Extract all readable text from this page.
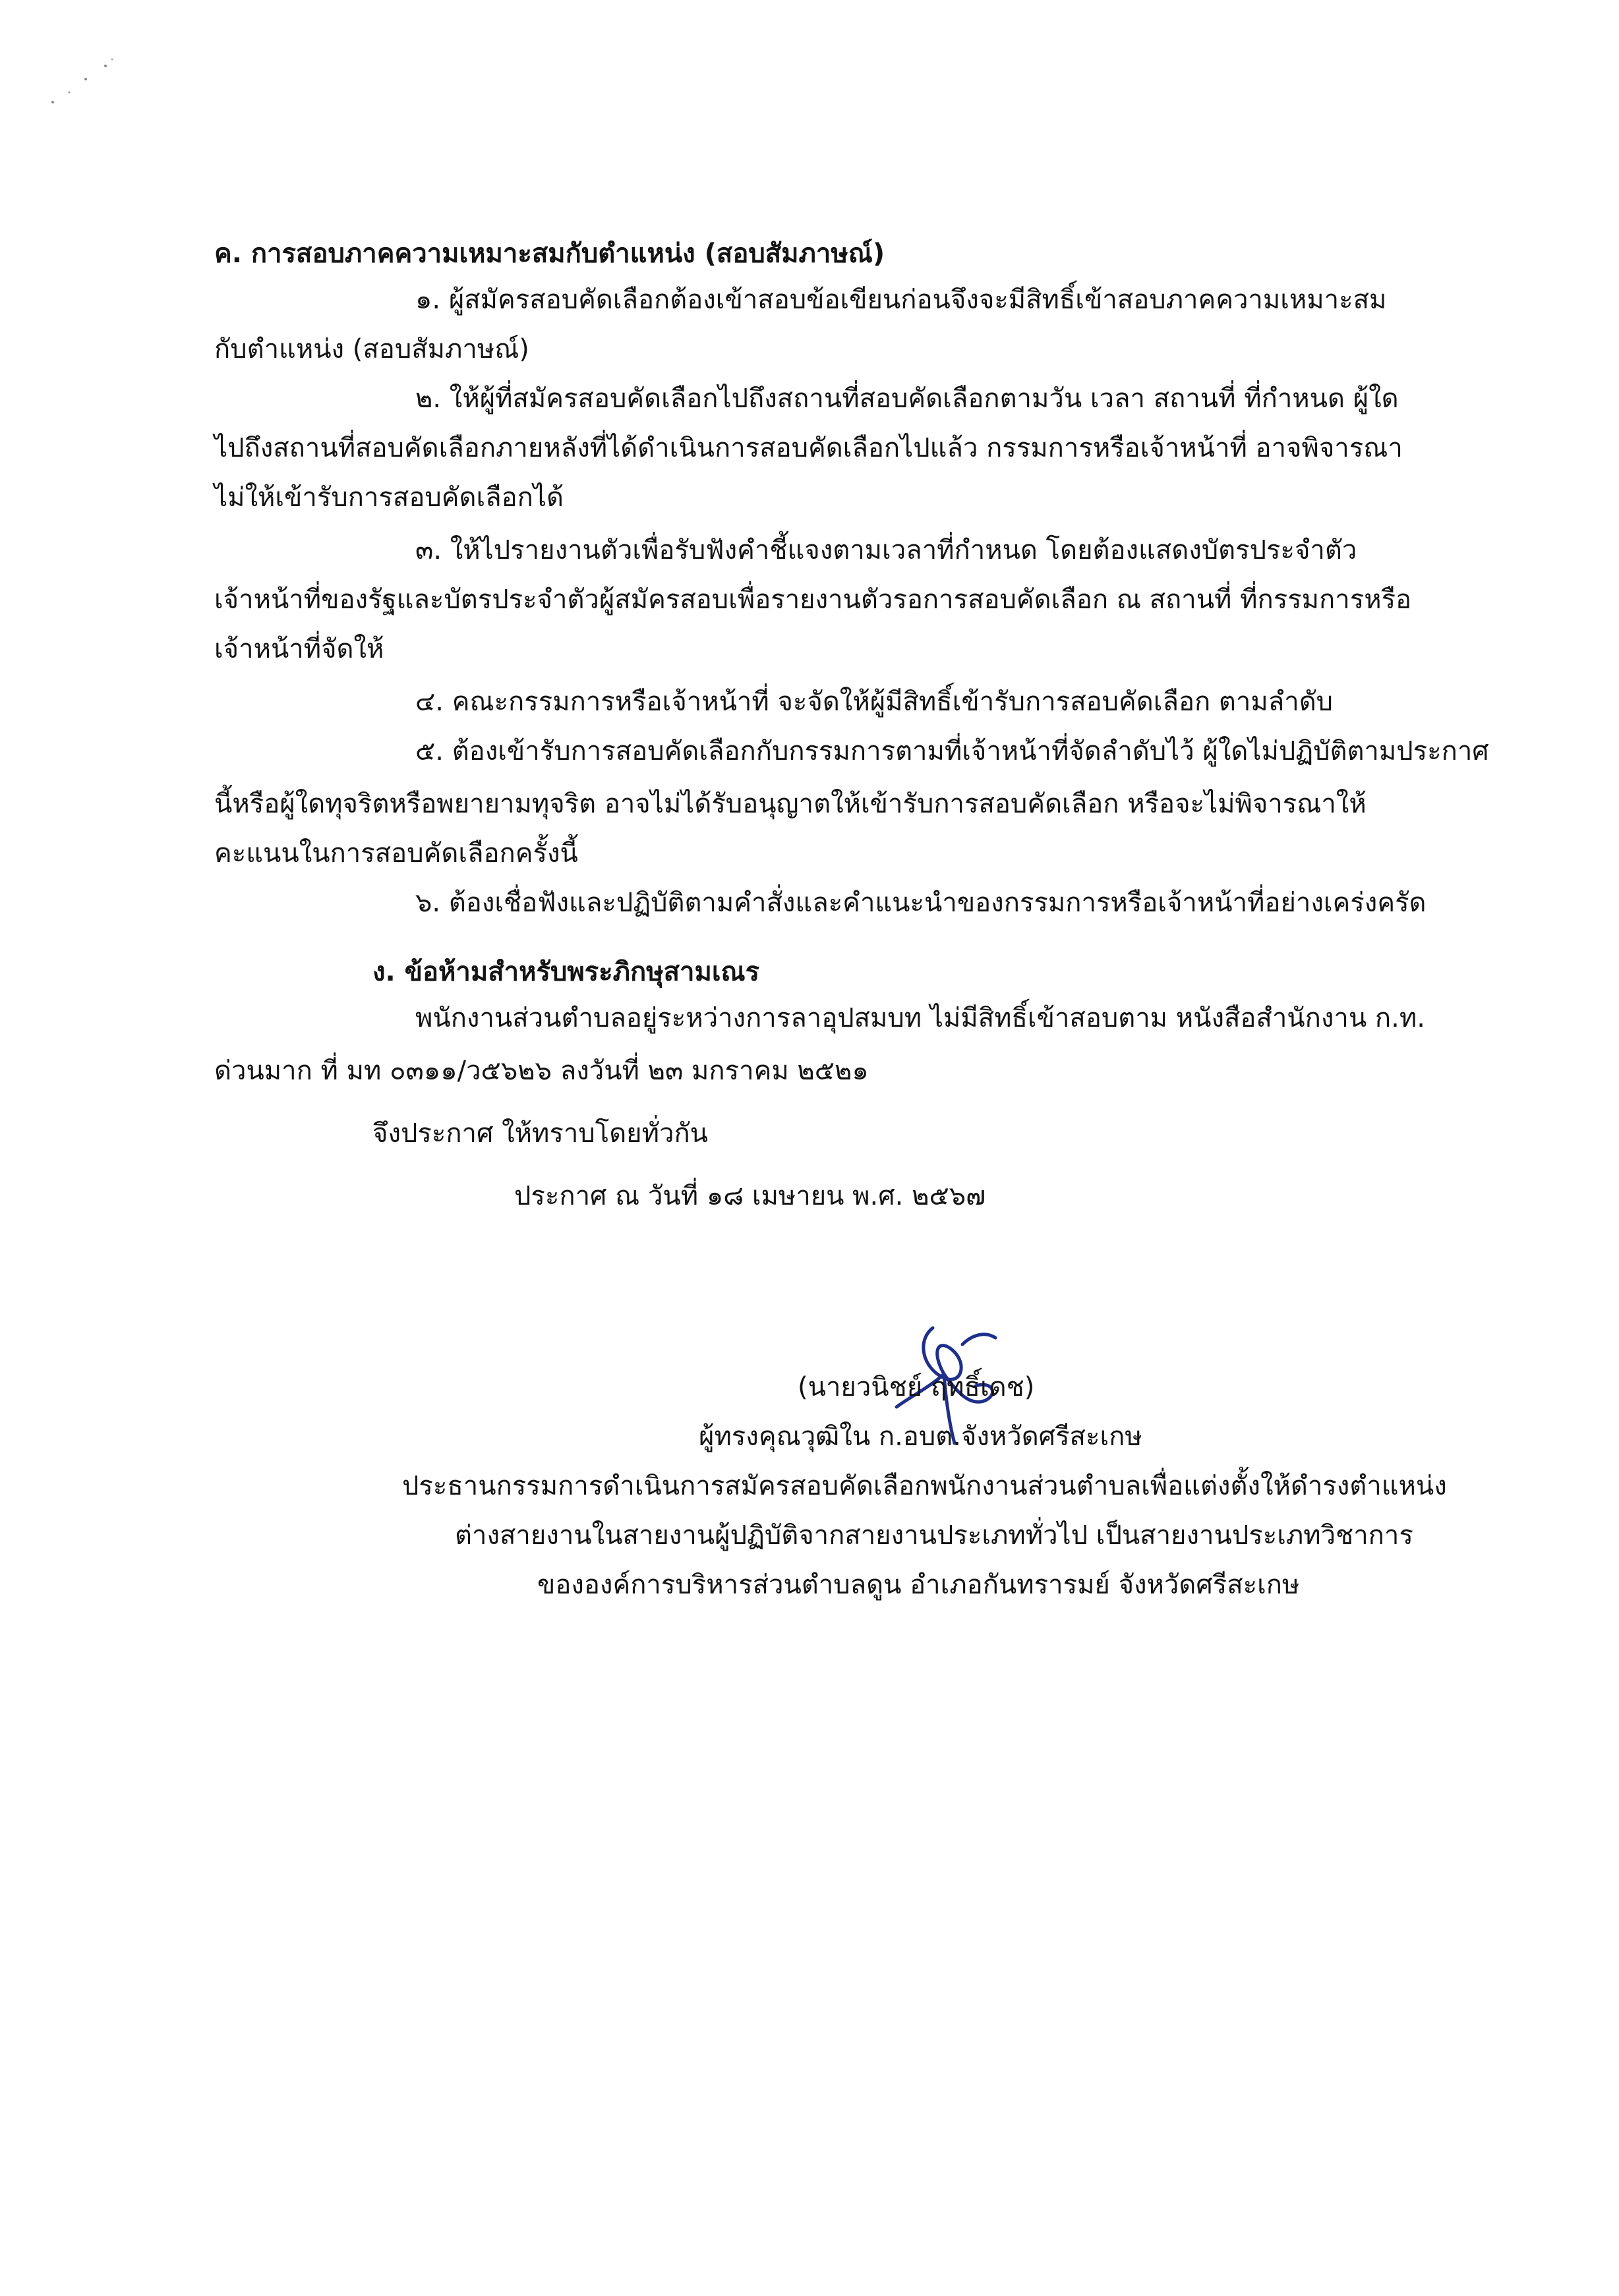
ค. การสอบภาคความเหมาะสมกับตำแหน่ง (สอบสัมภาษณ์)
๑. ผู้สมัครสอบคัดเลือกต้องเข้าสอบข้อเขียนก่อนจึงจะมีสิทธิ์เข้าสอบภาคความเหมาะสม
กับตำแหน่ง (สอบสัมภาษณ์)
๒. ให้ผู้ที่สมัครสอบคัดเลือกไปถึงสถานที่สอบคัดเลือกตามวัน เวลา สถานที่ ที่กำหนด ผู้ใด
ไปถึงสถานที่สอบคัดเลือกภายหลังที่ได้ดำเนินการสอบคัดเลือกไปแล้ว กรรมการหรือเจ้าหน้าที่ อาจพิจารณา
ไม่ให้เข้ารับการสอบคัดเลือกได้
๓. ให้ไปรายงานตัวเพื่อรับฟังคำชี้แจงตามเวลาที่กำหนด โดยต้องแสดงบัตรประจำตัว
เจ้าหน้าที่ของรัฐและบัตรประจำตัวผู้สมัครสอบเพื่อรายงานตัวรอการสอบคัดเลือก ณ สถานที่ ที่กรรมการหรือ
เจ้าหน้าที่จัดให้
๔. คณะกรรมการหรือเจ้าหน้าที่ จะจัดให้ผู้มีสิทธิ์เข้ารับการสอบคัดเลือก ตามลำดับ
๕. ต้องเข้ารับการสอบคัดเลือกกับกรรมการตามที่เจ้าหน้าที่จัดลำดับไว้ ผู้ใดไม่ปฏิบัติตามประกาศ
นี้หรือผู้ใดทุจริตหรือพยายามทุจริต อาจไม่ได้รับอนุญาตให้เข้ารับการสอบคัดเลือก หรือจะไม่พิจารณาให้
คะแนนในการสอบคัดเลือกครั้งนี้
๖. ต้องเชื่อฟังและปฏิบัติตามคำสั่งและคำแนะนำของกรรมการหรือเจ้าหน้าที่อย่างเคร่งครัด
ง. ข้อห้ามสำหรับพระภิกษุสามเณร
พนักงานส่วนตำบลอยู่ระหว่างการลาอุปสมบท ไม่มีสิทธิ์เข้าสอบตาม หนังสือสำนักงาน ก.ท.
ด่วนมาก ที่ มท ๐๓๑๑/ว๕๖๒๖ ลงวันที่ ๒๓ มกราคม ๒๕๒๑
จึงประกาศ ให้ทราบโดยทั่วกัน
ประกาศ ณ วันที่ ๑๘ เมษายน พ.ศ. ๒๕๖๗
(นายวนิชย์ ฤทธิ์เดช)
ผู้ทรงคุณวุฒิใน ก.อบต.จังหวัดศรีสะเกษ
ประธานกรรมการดำเนินการสมัครสอบคัดเลือกพนักงานส่วนตำบลเพื่อแต่งตั้งให้ดำรงตำแหน่ง
ต่างสายงานในสายงานผู้ปฏิบัติจากสายงานประเภททั่วไป เป็นสายงานประเภทวิชาการ
ขององค์การบริหารส่วนตำบลดูน อำเภอกันทรารมย์ จังหวัดศรีสะเกษ
